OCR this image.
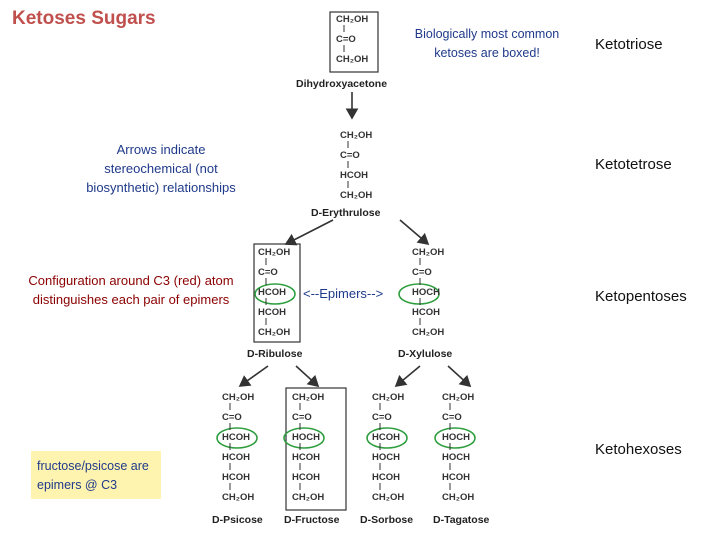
Ketoses Sugars
Biologically most common ketoses are boxed!
Arrows indicate stereochemical (not biosynthetic) relationships
Configuration around C3 (red) atom distinguishes each pair of epimers
fructose/psicose are epimers @ C3
<--Epimers-->
Ketotriose
Ketotetrose
Ketopentoses
Ketohexoses
CH₂OH
C=O
CH₂OH
Dihydroxyacetone
CH₂OH
C=O
HCOH
CH₂OH
D-Erythrulose
CH₂OH
C=O
HCOH
HCOH
CH₂OH
D-Ribulose
CH₂OH
C=O
HOCH
HCOH
CH₂OH
D-Xylulose
CH₂OH
C=O
HCOH
HCOH
HCOH
CH₂OH
D-Psicose
CH₂OH
C=O
HOCH
HCOH
HCOH
CH₂OH
D-Fructose
CH₂OH
C=O
HCOH
HOCH
HCOH
CH₂OH
D-Sorbose
CH₂OH
C=O
HOCH
HOCH
HCOH
CH₂OH
D-Tagatose
